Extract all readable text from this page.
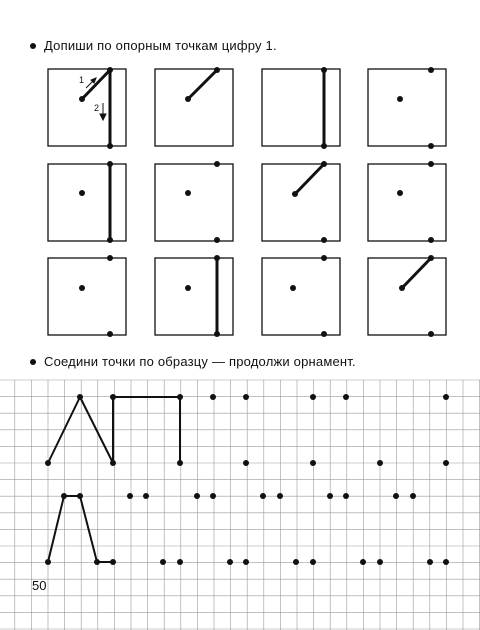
Допиши по опорным точкам цифру 1.
1
2
Соедини точки по образцу — продолжи орнамент.
50
